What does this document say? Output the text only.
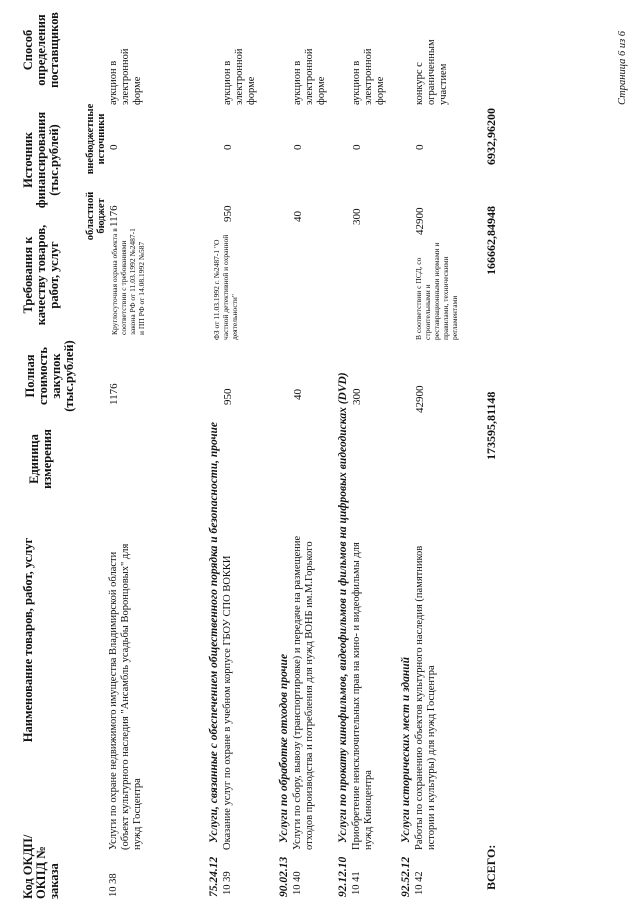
Код ОКДП/ ОКПД № заказа
Наименование товаров, работ, услуг
Единица измерения
Полная стоимость закупок (тыс.рублей)
Требования к качеству товаров, работ, услуг
Источник финансирования (тыс.рублей)
областной бюджет
внебюджетные источники
Способ определения поставщиков
10 38
Услуги по охране недвижимого имущества Владимирской области (объект культурного наследия "Ансамбль усадьбы Воронцовых" для нужд Госцентра
1176
Круглосуточная охрана объекта в соответствии с требованиями закона РФ от 11.03.1992 №2487-1 и ПП РФ от 14.08.1992 №587
1176
0
аукцион в электронной форме
75.24.12
Услуги, связанные с обеспечением общественного порядка и безопасности, прочие
10 39
Оказание услуг по охране в учебном корпусе ГБОУ СПО ВОККИ
950
ФЗ от 11.03.1992 г. №2487-1 "О частной детективной и охранной деятельности"
950
0
аукцион в электронной форме
90.02.13
Услуги по обработке отходов прочие
10 40
Услуги по сбору, вывозу (транспортировке) и передаче на размещение отходов производства и потребления для нужд ВОНБ им.М.Горького
40
40
0
аукцион в электронной форме
92.12.10
Услуги по прокату кинофильмов, видеофильмов и фильмов на цифровых видеодисках (DVD)
10 41
Приобретение неисключительных прав на кино- и видеофильмы для нужд Киноцентра
300
300
0
аукцион в электронной форме
92.52.12
Услуги исторических мест и зданий
10 42
Работы по сохранению объектов культурного наследия (памятников истории и культуры) для нужд Госцентра
42900
В соответствии с ПСД, со строительными и реставрационными нормами и правилами, техническими регламентами
42900
0
конкурс с ограниченным участием
ВСЕГО:
173595,81148
166662,84948
6932,96200
Страница 6 из 6
